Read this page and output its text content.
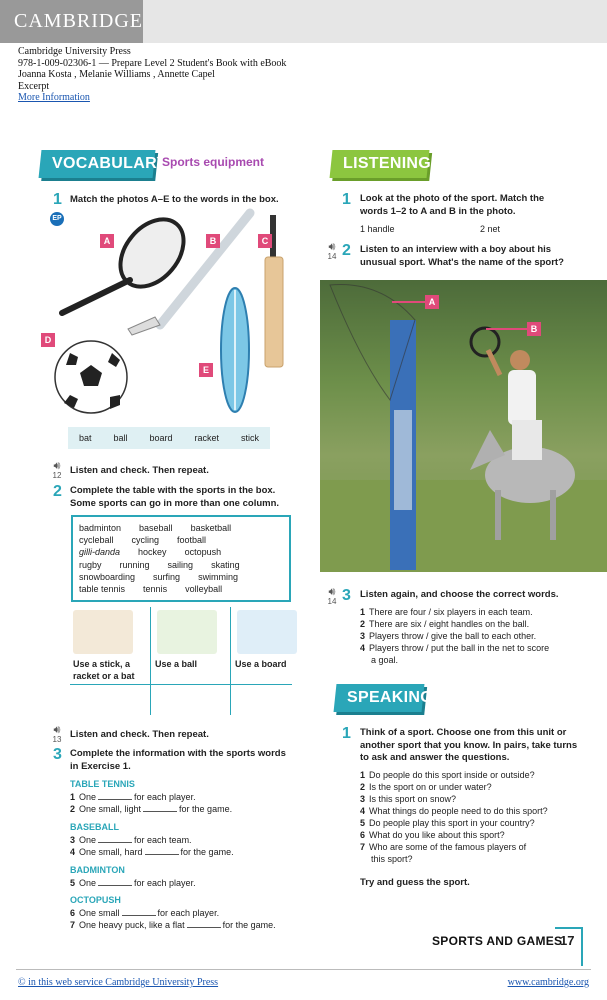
CAMBRIDGE
Cambridge University Press
978-1-009-02306-1 — Prepare Level 2 Student's Book with eBook
Joanna Kosta , Melanie Williams , Annette Capel
Excerpt
More Information
VOCABULARY
Sports equipment
1 Match the photos A–E to the words in the box.
EP
A	B	C
D
E
bat ball board racket stick
🔊︎
12 Listen and check. Then repeat.
2 Complete the table with the sports in the box.
Some sports can go in more than one column.
badminton baseball basketball
cycleball cycling football
gilli-danda hockey octopush
rugby running sailing skating
snowboarding surfing swimming
table tennis tennis volleyball
Use a stick, a racket or a bat
Use a ball	Use a board
🔊︎
13 Listen and check. Then repeat.
3 Complete the information with the sports words
in Exercise 1.
TABLE TENNIS
1 One	for each player.
2 One small, light	for the game.
BASEBALL
3 One	for each team.
4 One small, hard	for the game.
BADMINTON
5 One	for each player.
OCTOPUSH
6 One small	for each player.
7 One heavy puck, like a flat	for the game.
LISTENING
1 Look at the photo of the sport. Match the
words 1–2 to A and B in the photo.
1 handle	2 net
🔊︎
14 2 Listen to an interview with a boy about his
unusual sport. What's the name of the sport?
A
B
🔊︎
14 3 Listen again, and choose the correct words.
1 There are four / six players in each team.
2 There are six / eight handles on the ball.
3 Players throw / give the ball to each other.
4 Players throw / put the ball in the net to score
a goal.
SPEAKING
1 Think of a sport. Choose one from this unit or
another sport that you know. In pairs, take turns
to ask and answer the questions.
1 Do people do this sport inside or outside?
2 Is the sport on or under water?
3 Is this sport on snow?
4 What things do people need to do this sport?
5 Do people play this sport in your country?
6 What do you like about this sport?
7 Who are some of the famous players of
this sport?
Try and guess the sport.
SPORTS AND GAMES
17
© in this web service Cambridge University Press	www.cambridge.org
